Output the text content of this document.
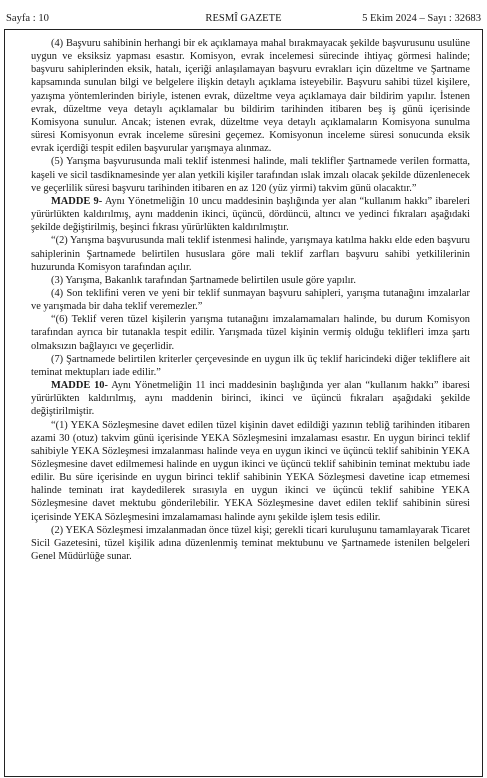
Sayfa : 10	RESMÎ GAZETE	5 Ekim 2024 – Sayı : 32683

(4) Başvuru sahibinin herhangi bir ek açıklamaya mahal bırakmayacak şekilde başvurusunu usulüne uygun ve eksiksiz yapması esastır. Komisyon, evrak incelemesi sürecinde ihtiyaç görmesi halinde; başvuru sahiplerinden eksik, hatalı, içeriği anlaşılamayan başvuru evrakları için düzeltme ve Şartname kapsamında sunulan bilgi ve belgelere ilişkin detaylı açıklama isteyebilir. Başvuru sahibi tüzel kişilere, yazışma yöntemlerinden biriyle, istenen evrak, düzeltme veya açıklamaya dair bildirim yapılır. İstenen evrak, düzeltme veya detaylı açıklamalar bu bildirim tarihinden itibaren beş iş günü içerisinde Komisyona sunulur. Ancak; istenen evrak, düzeltme veya detaylı açıklamaların Komisyona sunulma süresi Komisyonun evrak inceleme süresini geçemez. Komisyonun inceleme süresi sonucunda eksik evrak içerdiği tespit edilen başvurular yarışmaya alınmaz.

(5) Yarışma başvurusunda mali teklif istenmesi halinde, mali teklifler Şartnamede verilen formatta, kaşeli ve sicil tasdiknamesinde yer alan yetkili kişiler tarafından ıslak imzalı olacak şekilde düzenlenecek ve geçerlilik süresi başvuru tarihinden itibaren en az 120 (yüz yirmi) takvim günü olacaktır.”

MADDE 9- Aynı Yönetmeliğin 10 uncu maddesinin başlığında yer alan “kullanım hakkı” ibareleri yürürlükten kaldırılmış, aynı maddenin ikinci, üçüncü, dördüncü, altıncı ve yedinci fıkraları aşağıdaki şekilde değiştirilmiş, beşinci fıkrası yürürlükten kaldırılmıştır.

“(2) Yarışma başvurusunda mali teklif istenmesi halinde, yarışmaya katılma hakkı elde eden başvuru sahiplerinin Şartnamede belirtilen hususlara göre mali teklif zarfları başvuru sahibi yetkililerinin huzurunda Komisyon tarafından açılır.

(3) Yarışma, Bakanlık tarafından Şartnamede belirtilen usule göre yapılır.

(4) Son teklifini veren ve yeni bir teklif sunmayan başvuru sahipleri, yarışma tutanağını imzalarlar ve yarışmada bir daha teklif veremezler.”

“(6) Teklif veren tüzel kişilerin yarışma tutanağını imzalamamaları halinde, bu durum Komisyon tarafından ayrıca bir tutanakla tespit edilir. Yarışmada tüzel kişinin vermiş olduğu teklifleri imza şartı olmaksızın bağlayıcı ve geçerlidir.

(7) Şartnamede belirtilen kriterler çerçevesinde en uygun ilk üç teklif haricindeki diğer tekliflere ait teminat mektupları iade edilir.”

MADDE 10- Aynı Yönetmeliğin 11 inci maddesinin başlığında yer alan “kullanım hakkı” ibaresi yürürlükten kaldırılmış, aynı maddenin birinci, ikinci ve üçüncü fıkraları aşağıdaki şekilde değiştirilmiştir.

“(1) YEKA Sözleşmesine davet edilen tüzel kişinin davet edildiği yazının tebliğ tarihinden itibaren azami 30 (otuz) takvim günü içerisinde YEKA Sözleşmesini imzalaması esastır. En uygun birinci teklif sahibiyle YEKA Sözleşmesi imzalanması halinde veya en uygun ikinci ve üçüncü teklif sahibinin YEKA Sözleşmesine davet edilmemesi halinde en uygun ikinci ve üçüncü teklif sahibinin teminat mektubu iade edilir. Bu süre içerisinde en uygun birinci teklif sahibinin YEKA Sözleşmesi davetine icap etmemesi halinde teminatı irat kaydedilerek sırasıyla en uygun ikinci ve üçüncü teklif sahibine YEKA Sözleşmesine davet mektubu gönderilebilir. YEKA Sözleşmesine davet edilen teklif sahibinin süresi içerisinde YEKA Sözleşmesini imzalamaması halinde aynı şekilde işlem tesis edilir.

(2) YEKA Sözleşmesi imzalanmadan önce tüzel kişi; gerekli ticari kuruluşunu tamamlayarak Ticaret Sicil Gazetesini, tüzel kişilik adına düzenlenmiş teminat mektubunu ve Şartnamede istenilen belgeleri Genel Müdürlüğe sunar.
